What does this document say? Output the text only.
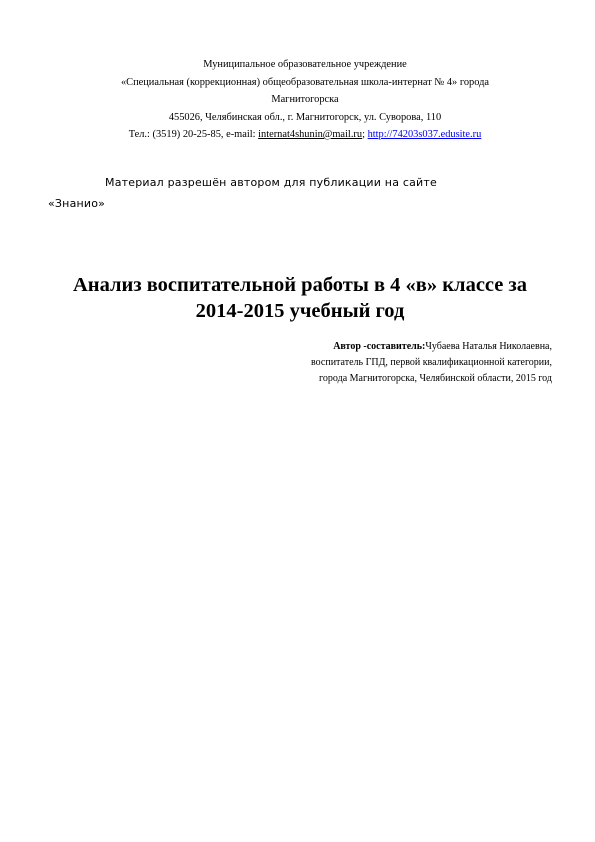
Муниципальное образовательное учреждение
«Специальная (коррекционная) общеобразовательная школа-интернат № 4» города
Магнитогорска
455026, Челябинская обл., г. Магнитогорск, ул. Суворова, 110
Тел.: (3519) 20-25-85, e-mail: internat4shunin@mail.ru; http://74203s037.edusite.ru
Материал разрешён автором для публикации на сайте
«Знанио»
Анализ воспитательной работы в 4 «в» классе за
2014-2015 учебный год
Автор -составитель:Чубаева Наталья Николаевна,
воспитатель ГПД, первой квалификационной категории,
города Магнитогорска, Челябинской области, 2015 год
